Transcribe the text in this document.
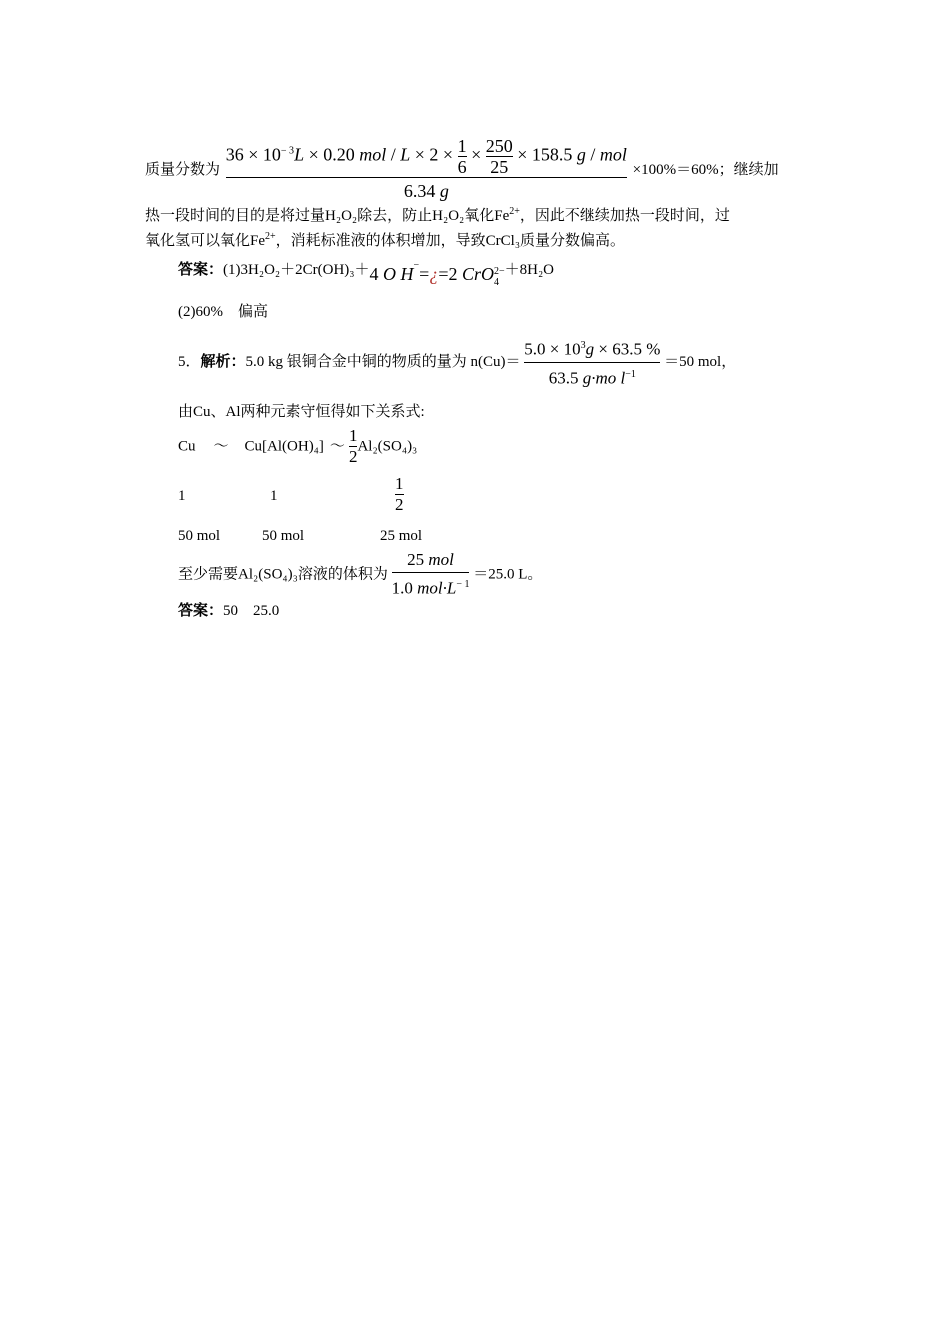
质量分数为 $\frac{36 \times 10^{- 3}L \times 0.20 mol / L \times 2 \times \frac{1}{6} \times \frac{250}{25} \times 158.5 g / mol}{6.34 g} \times 100\%=60\%$；继续加
热一段时间的目的是将过量H₂O₂除去，防止H₂O₂氧化$Fe^{2+}$，因此不继续加热一段时间，过
氧化氢可以氧化$Fe^{2+}$，消耗标准液的体积增加，导致CrCl₃质量分数偏高。
答案：(1)3H₂O₂＋2Cr(OH)₃＋4 O H−=¿=2 CrO 2−
4
＋8H₂O
(2)60%　偏高
5．解析：5.0 kg 银铜合金中铜的物质的量为 $n(Cu)= \frac{5.0 \times 10^3g \times 63.5 \%}{63.5 g\cdot mo l^{-1}} =50$ mol，
由Cu、Al两种元素守恒得如下关系式:
Cu ～ Cu[Al(OH)₄] ～ $\frac{1}{2} Al_2(SO_4)_3$
1	1	$\frac{1}{2}$
50 mol	50 mol	25 mol
至少需要Al₂(SO₄)₃溶液的体积为 $\frac{\text{25 mol}}{1.0 mol\cdot L^{- 1}} =25.0$ L。
答案：50　25.0
